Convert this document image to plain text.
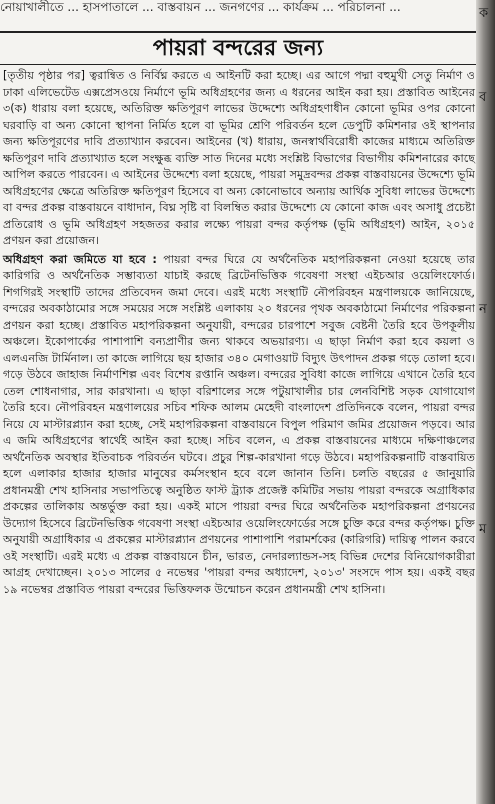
নোয়াখালীতে ... হাসপাতালে ... বাস্তবায়ন ... জনগণের ... কার্যক্রম ... পরিচালনা ...
পায়রা বন্দরের জন্য

[তৃতীয় পৃষ্ঠার পর] ত্বরান্বিত ও নির্বিঘ্ন করতে এ আইনটি করা হচ্ছে। এর আগে পদ্মা বহুমুখী সেতু নির্মাণ ও ঢাকা এলিভেটেড এক্সপ্রেসওয়ে নির্মাণে ভূমি অধিগ্রহণের জন্য এ ধরনের আইন করা হয়। প্রস্তাবিত আইনের ৩(ক) ধারায় বলা হয়েছে, অতিরিক্ত ক্ষতিপূরণ লাভের উদ্দেশ্যে অধিগ্রহণাধীন কোনো ভূমির ওপর কোনো ঘরবাড়ি বা অন্য কোনো স্থাপনা নির্মিত হলে বা ভূমির শ্রেণি পরিবর্তন হলে ডেপুটি কমিশনার ওই স্থাপনার জন্য ক্ষতিপূরণের দাবি প্রত্যাখ্যান করবেন। আইনের (খ) ধারায়, জনস্বার্থবিরোধী কাজের মাধ্যমে অতিরিক্ত ক্ষতিপূরণ দাবি প্রত্যাখ্যাত হলে সংক্ষুব্ধ ব্যক্তি সাত দিনের মধ্যে সংশ্লিষ্ট বিভাগের বিভাগীয় কমিশনারের কাছে আপিল করতে পারবেন। এ আইনের উদ্দেশ্যে বলা হয়েছে, পায়রা সমুদ্রবন্দর প্রকল্প বাস্তবায়নের উদ্দেশ্যে ভূমি অধিগ্রহণের ক্ষেত্রে অতিরিক্ত ক্ষতিপূরণ হিসেবে বা অন্য কোনোভাবে অন্যায় আর্থিক সুবিধা লাভের উদ্দেশ্যে বা বন্দর প্রকল্প বাস্তবায়নে বাধাদান, বিঘ্ন সৃষ্টি বা বিলম্বিত করার উদ্দেশ্যে যে কোনো কাজ এবং অসাধু প্রচেষ্টা প্রতিরোধ ও ভূমি অধিগ্রহণ সহজতর করার লক্ষ্যে পায়রা বন্দর কর্তৃপক্ষ (ভূমি অধিগ্রহণ) আইন, ২০১৫ প্রণয়ন করা প্রয়োজন।

অধিগ্রহণ করা জমিতে যা হবে : পায়রা বন্দর ঘিরে যে অর্থনৈতিক মহাপরিকল্পনা নেওয়া হয়েছে তার কারিগরি ও অর্থনৈতিক সম্ভাব্যতা যাচাই করছে ব্রিটেনভিত্তিক গবেষণা সংস্থা এইচআর ওয়েলিংফোর্ড। শিগগিরই সংস্থাটি তাদের প্রতিবেদন জমা দেবে। এরই মধ্যে সংস্থাটি নৌপরিবহন মন্ত্রণালয়কে জানিয়েছে, বন্দরের অবকাঠামোর সঙ্গে সময়ের সঙ্গে সংশ্লিষ্ট এলাকায় ২০ ধরনের পৃথক অবকাঠামো নির্মাণের পরিকল্পনা প্রণয়ন করা হচ্ছে। প্রস্তাবিত মহাপরিকল্পনা অনুযায়ী, বন্দরের চারপাশে সবুজ বেষ্টনী তৈরি হবে উপকূলীয় অঞ্চলে। ইকোপার্কের পাশাপাশি বন্যপ্রাণীর জন্য থাকবে অভয়ারণ্য। এ ছাড়া নির্মাণ করা হবে কয়লা ও এলএনজি টার্মিনাল। তা কাজে লাগিয়ে ছয় হাজার ৩৪০ মেগাওয়াট বিদ্যুৎ উৎপাদন প্রকল্প গড়ে তোলা হবে। গড়ে উঠবে জাহাজ নির্মাণশিল্প এবং বিশেষ রপ্তানি অঞ্চল। বন্দরের সুবিধা কাজে লাগিয়ে এখানে তৈরি হবে তেল শোধনাগার, সার কারখানা। এ ছাড়া বরিশালের সঙ্গে পটুয়াখালীর চার লেনবিশিষ্ট সড়ক যোগাযোগ তৈরি হবে। নৌপরিবহন মন্ত্রণালয়ের সচিব শফিক আলম মেহেদী বাংলাদেশ প্রতিদিনকে বলেন, পায়রা বন্দর নিয়ে যে মাস্টারপ্ল্যান করা হচ্ছে, সেই মহাপরিকল্পনা বাস্তবায়নে বিপুল পরিমাণ জমির প্রয়োজন পড়বে। আর এ জমি অধিগ্রহণের স্বার্থেই আইন করা হচ্ছে। সচিব বলেন, এ প্রকল্প বাস্তবায়নের মাধ্যমে দক্ষিণাঞ্চলের অর্থনৈতিক অবস্থার ইতিবাচক পরিবর্তন ঘটবে। প্রচুর শিল্প-কারখানা গড়ে উঠবে। মহাপরিকল্পনাটি বাস্তবায়িত হলে এলাকার হাজার হাজার মানুষের কর্মসংস্থান হবে বলে জানান তিনি। চলতি বছরের ৫ জানুয়ারি প্রধানমন্ত্রী শেখ হাসিনার সভাপতিত্বে অনুষ্ঠিত ফাস্ট ট্র্যাক প্রজেক্ট কমিটির সভায় পায়রা বন্দরকে অগ্রাধিকার প্রকল্পের তালিকায় অন্তর্ভুক্ত করা হয়। একই মাসে পায়রা বন্দর ঘিরে অর্থনৈতিক মহাপরিকল্পনা প্রণয়নের উদ্যোগ হিসেবে ব্রিটেনভিত্তিক গবেষণা সংস্থা এইচআর ওয়েলিংফোর্ডের সঙ্গে চুক্তি করে বন্দর কর্তৃপক্ষ। চুক্তি অনুযায়ী অগ্রাধিকার এ প্রকল্পের মাস্টারপ্ল্যান প্রণয়নের পাশাপাশি পরামর্শকের (কারিগরি) দায়িত্ব পালন করবে ওই সংস্থাটি। এরই মধ্যে এ প্রকল্প বাস্তবায়নে চীন, ভারত, নেদারল্যান্ডস-সহ বিভিন্ন দেশের বিনিয়োগকারীরা আগ্রহ দেখাচ্ছেন। ২০১৩ সালের ৫ নভেম্বর 'পায়রা বন্দর অধ্যাদেশ, ২০১৩' সংসদে পাস হয়। একই বছর ১৯ নভেম্বর প্রস্তাবিত পায়রা বন্দরের ভিত্তিফলক উন্মোচন করেন প্রধানমন্ত্রী শেখ হাসিনা।

ক
ব
ন
ম
